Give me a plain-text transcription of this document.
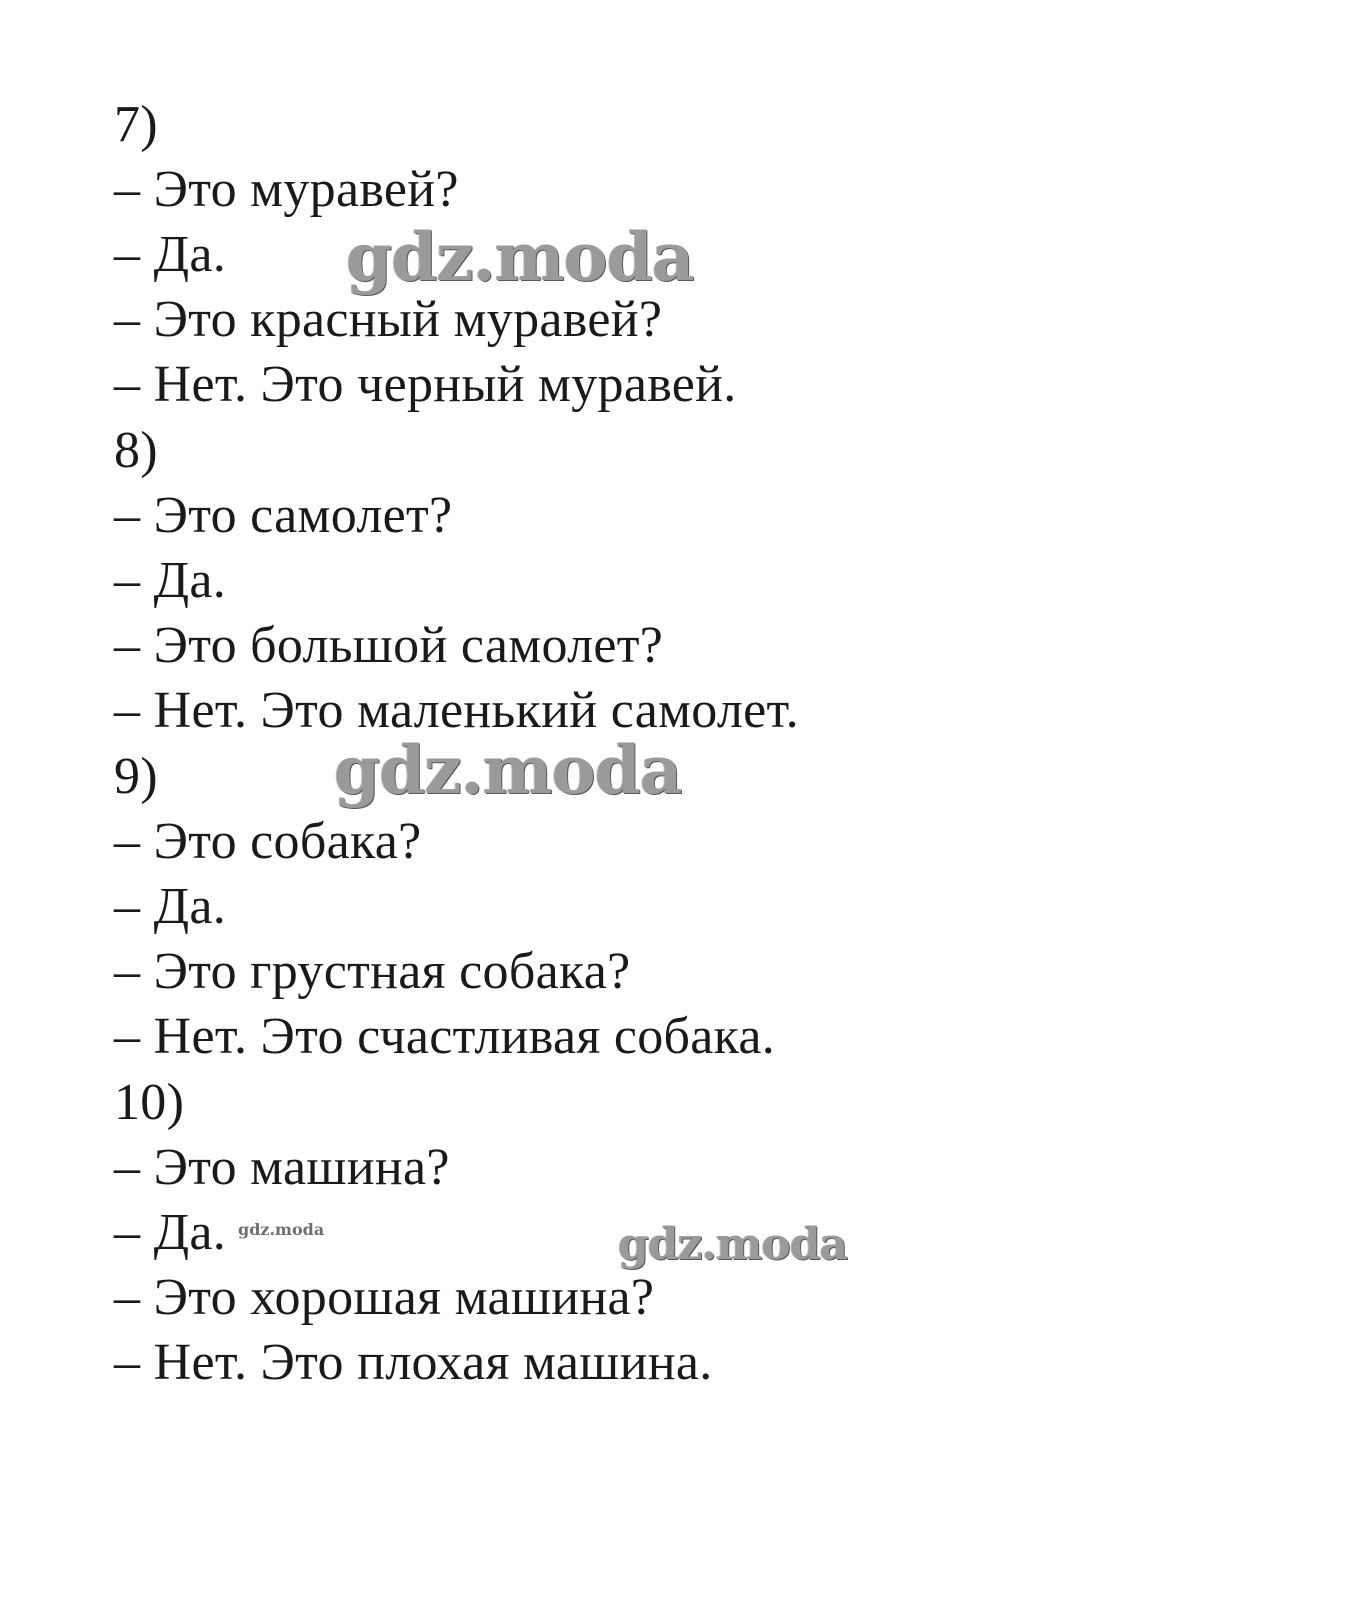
7)
– Это муравей?
– Да.
– Это красный муравей?
– Нет. Это черный муравей.
8)
– Это самолет?
– Да.
– Это большой самолет?
– Нет. Это маленький самолет.
9)
– Это собака?
– Да.
– Это грустная собака?
– Нет. Это счастливая собака.
10)
– Это машина?
– Да.
– Это хорошая машина?
– Нет. Это плохая машина.
gdz.moda
gdz.moda
gdz.moda
gdz.moda
